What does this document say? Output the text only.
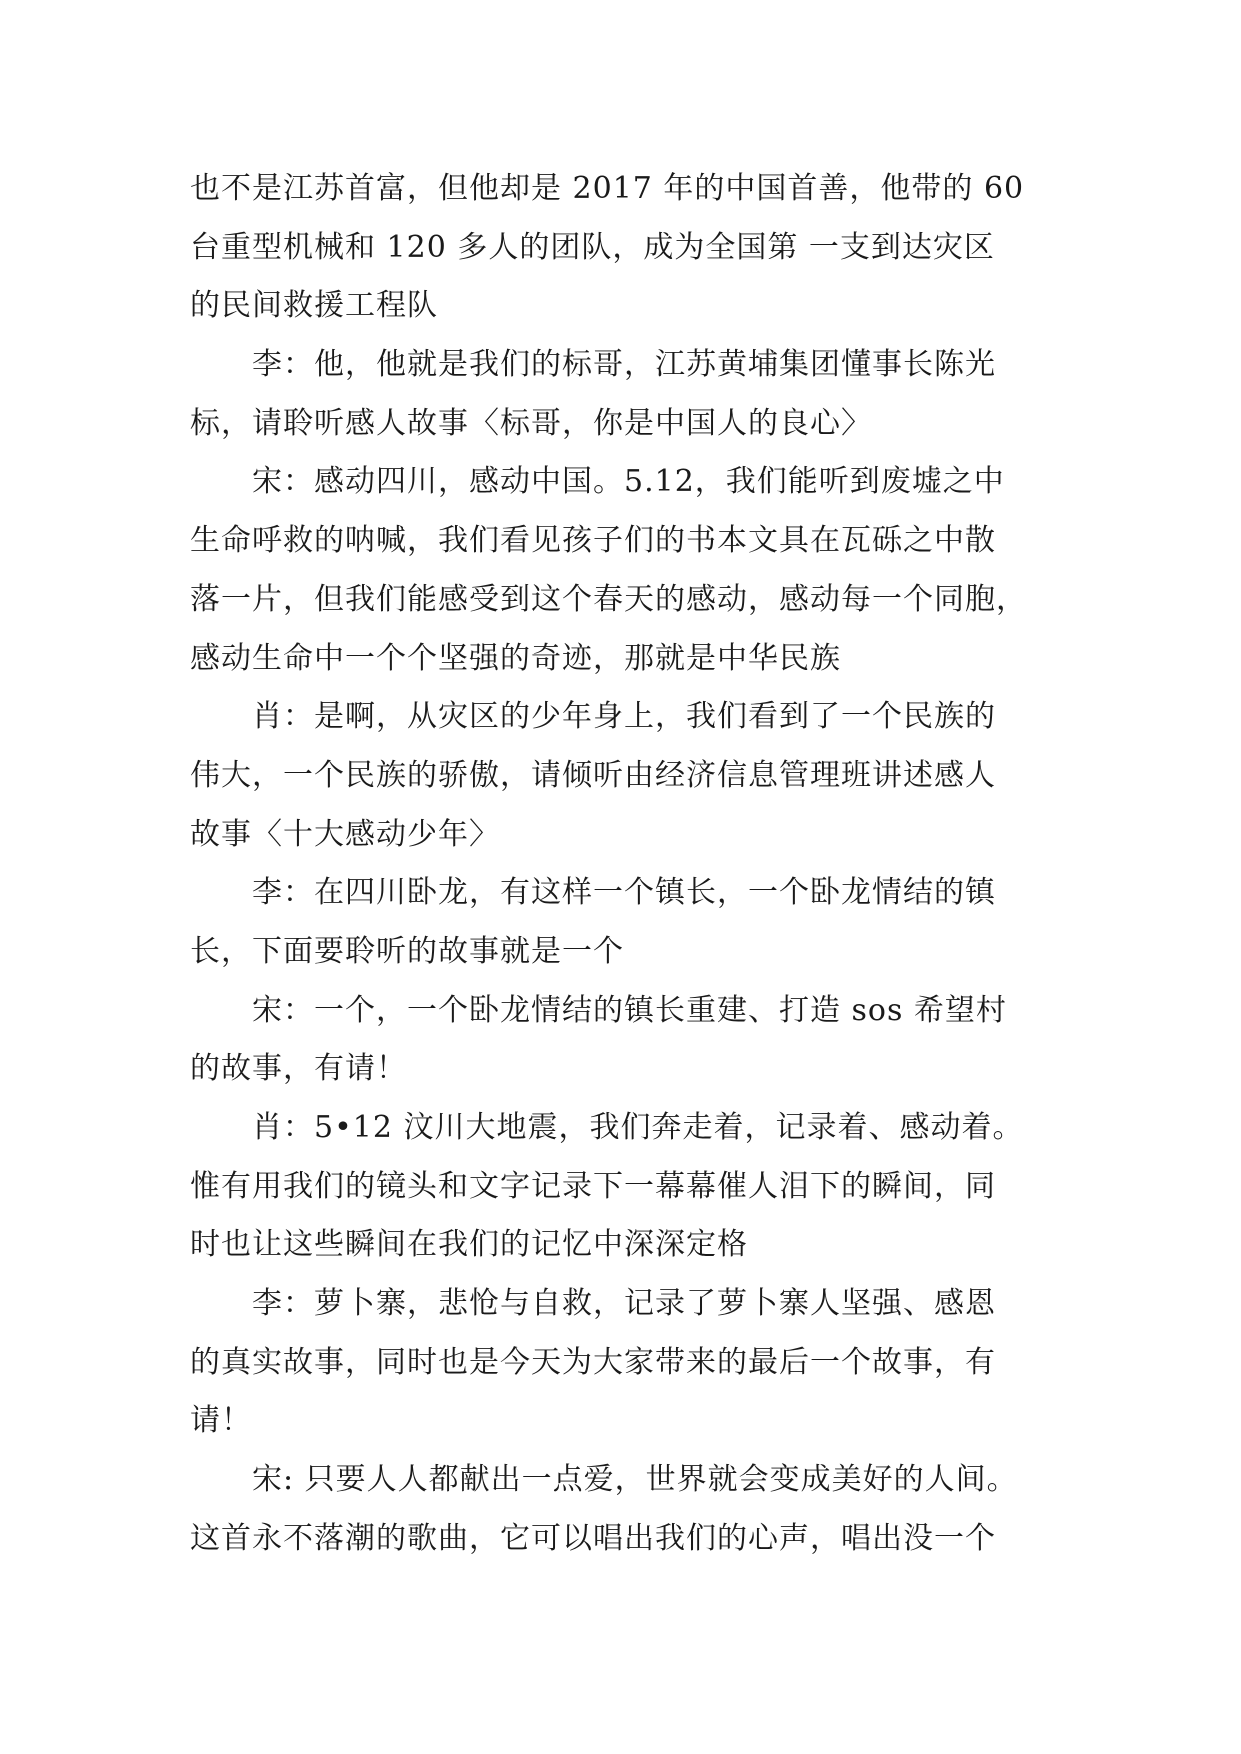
也不是江苏首富，但他却是 2017 年的中国首善，他带的 60
台重型机械和 120 多人的团队，成为全国第 一支到达灾区
的民间救援工程队
李：他，他就是我们的标哥，江苏黄埔集团懂事长陈光
标，请聆听感人故事〈标哥，你是中国人的良心〉
宋：感动四川，感动中国。5.12，我们能听到废墟之中
生命呼救的呐喊，我们看见孩子们的书本文具在瓦砾之中散
落一片，但我们能感受到这个春天的感动，感动每一个同胞，
感动生命中一个个坚强的奇迹，那就是中华民族
肖：是啊，从灾区的少年身上，我们看到了一个民族的
伟大，一个民族的骄傲，请倾听由经济信息管理班讲述感人
故事〈十大感动少年〉
李：在四川卧龙，有这样一个镇长，一个卧龙情结的镇
长，下面要聆听的故事就是一个
宋：一个，一个卧龙情结的镇长重建、打造 sos 希望村
的故事，有请！
肖：5•12 汶川大地震，我们奔走着，记录着、感动着。
惟有用我们的镜头和文字记录下一幕幕催人泪下的瞬间，同
时也让这些瞬间在我们的记忆中深深定格
李：萝卜寨，悲怆与自救，记录了萝卜寨人坚强、感恩
的真实故事，同时也是今天为大家带来的最后一个故事，有
请！
宋: 只要人人都献出一点爱，世界就会变成美好的人间。
这首永不落潮的歌曲，它可以唱出我们的心声，唱出没一个
